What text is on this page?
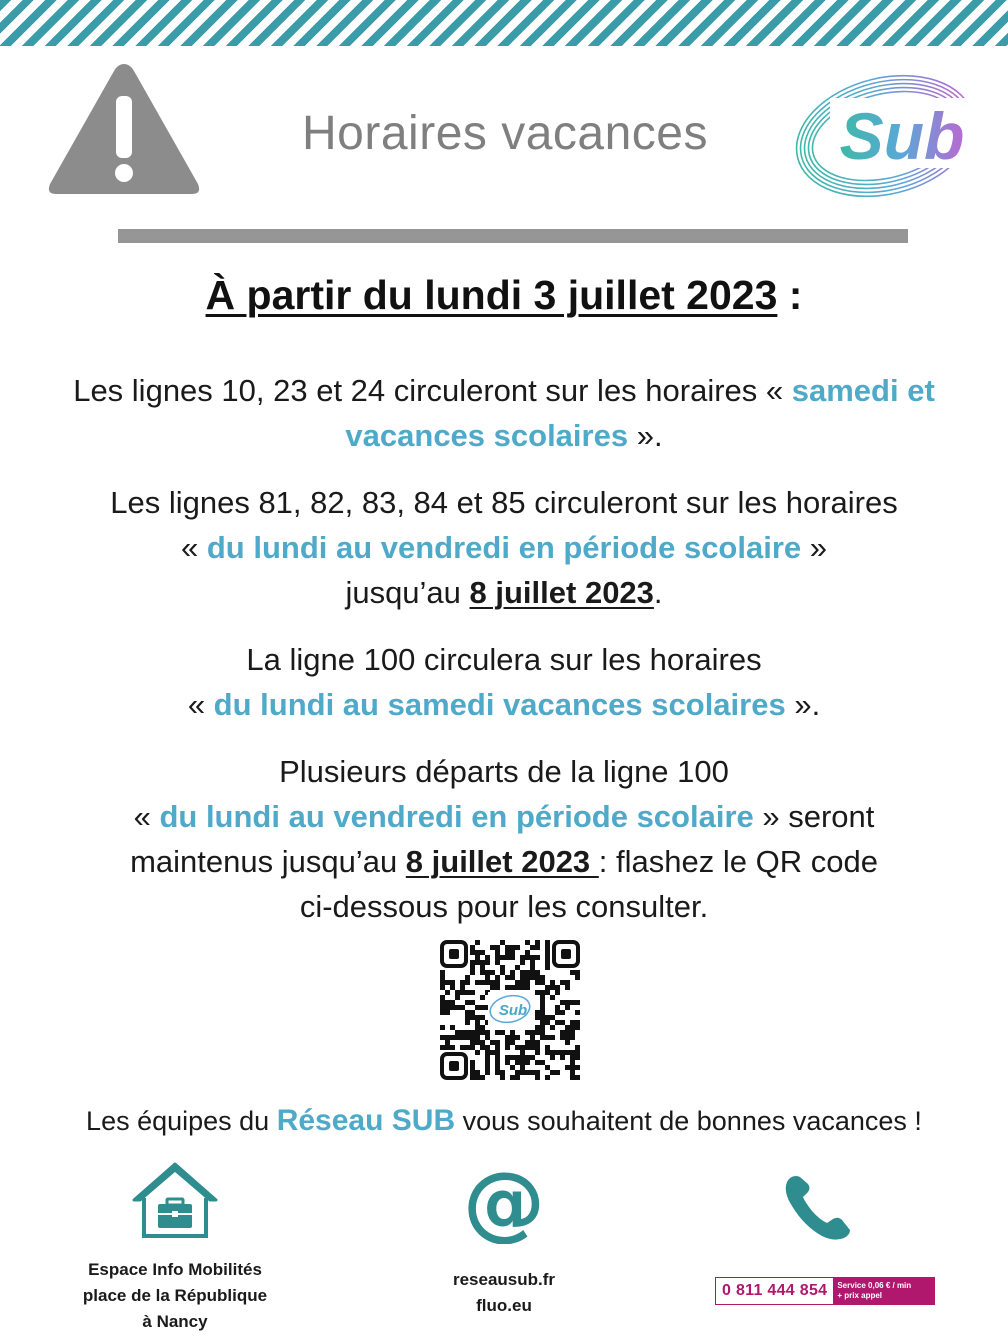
Horaires vacances	Sub
À partir du lundi 3 juillet 2023 :
Les lignes 10, 23 et 24 circuleront sur les horaires « samedi et vacances scolaires ».
Les lignes 81, 82, 83, 84 et 85 circuleront sur les horaires
« du lundi au vendredi en période scolaire »
jusqu’au 8 juillet 2023.
La ligne 100 circulera sur les horaires
« du lundi au samedi vacances scolaires ».
Plusieurs départs de la ligne 100
« du lundi au vendredi en période scolaire » seront
maintenus jusqu’au 8 juillet 2023 : flashez le QR code
ci-dessous pour les consulter.
Sub
Les équipes du Réseau SUB vous souhaitent de bonnes vacances !
@
Espace Info Mobilités
place de la République
à Nancy
reseausub.fr
fluo.eu
0 811 444 854	Service 0,06 € / min
+ prix appel
